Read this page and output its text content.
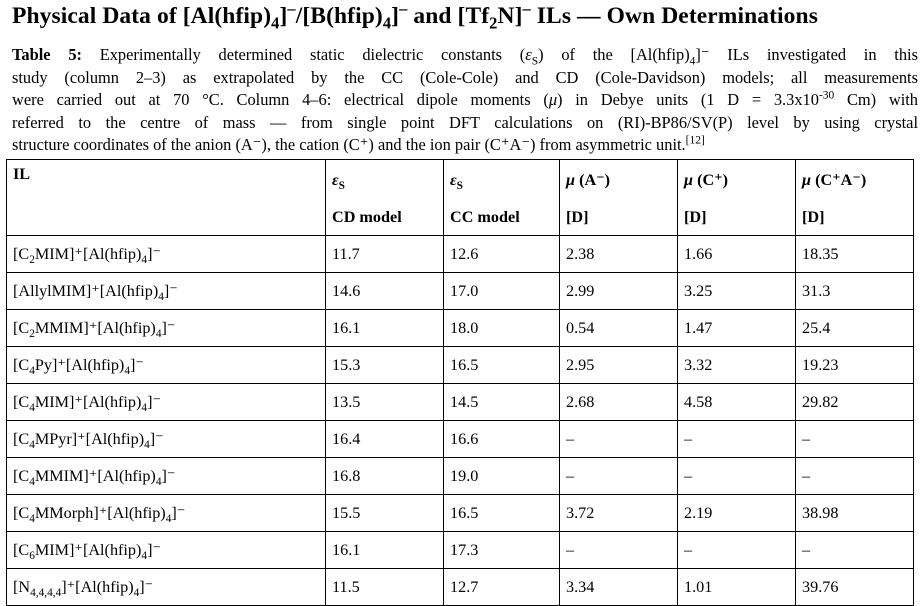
Physical Data of $[Al(hfip)_4]^-/[B(hfip)_4]^-$ and $[Tf_2N]^-$ ILs — Own Determinations
Table 5: Experimentally determined static dielectric constants $(\varepsilon_S)$ of the $[Al(hfip)_4]^-$ ILs investigated in this
study (column 2–3) as extrapolated by the CC (Cole-Cole) and CD (Cole-Davidson) models; all measurements
were carried out at 70 °C. Column 4–6: electrical dipole moments (μ) in Debye units (1 $D = 3.3x10^{-30}$ Cm) with
referred to the centre of mass — from single point DFT calculations on (RI)-BP86/SV(P) level by using crystal
structure coordinates of the anion (A⁻), the cation (C⁺) and the ion pair (C⁺A⁻) from asymmetric unit.[12]
IL	$\varepsilon_S$	$\varepsilon_S$	μ (A⁻)	μ (C⁺)	μ (C⁺A⁻)
	CD model	CC model	[D]	[D]	[D]
$[C_2MIM]^+[Al(hfip)_4]^-$	11.7	12.6	2.38	1.66	18.35
$[AllylMIM]^+[Al(hfip)_4]^-$	14.6	17.0	2.99	3.25	31.3
$[C_2MMIM]^+[Al(hfip)_4]^-$	16.1	18.0	0.54	1.47	25.4
$[C_4Py]^+[Al(hfip)_4]^-$	15.3	16.5	2.95	3.32	19.23
$[C_4MIM]^+[Al(hfip)_4]^-$	13.5	14.5	2.68	4.58	29.82
$[C_4MPyr]^+[Al(hfip)_4]^-$	16.4	16.6	–	–	–
$[C_4MMIM]^+[Al(hfip)_4]^-$	16.8	19.0	–	–	–
$[C_4MMorph]^+[Al(hfip)_4]^-$	15.5	16.5	3.72	2.19	38.98
$[C_6MIM]^+[Al(hfip)_4]^-$	16.1	17.3	–	–	–
$[N_{4,4,4,4}]^+[Al(hfip)_4]^-$	11.5	12.7	3.34	1.01	39.76
